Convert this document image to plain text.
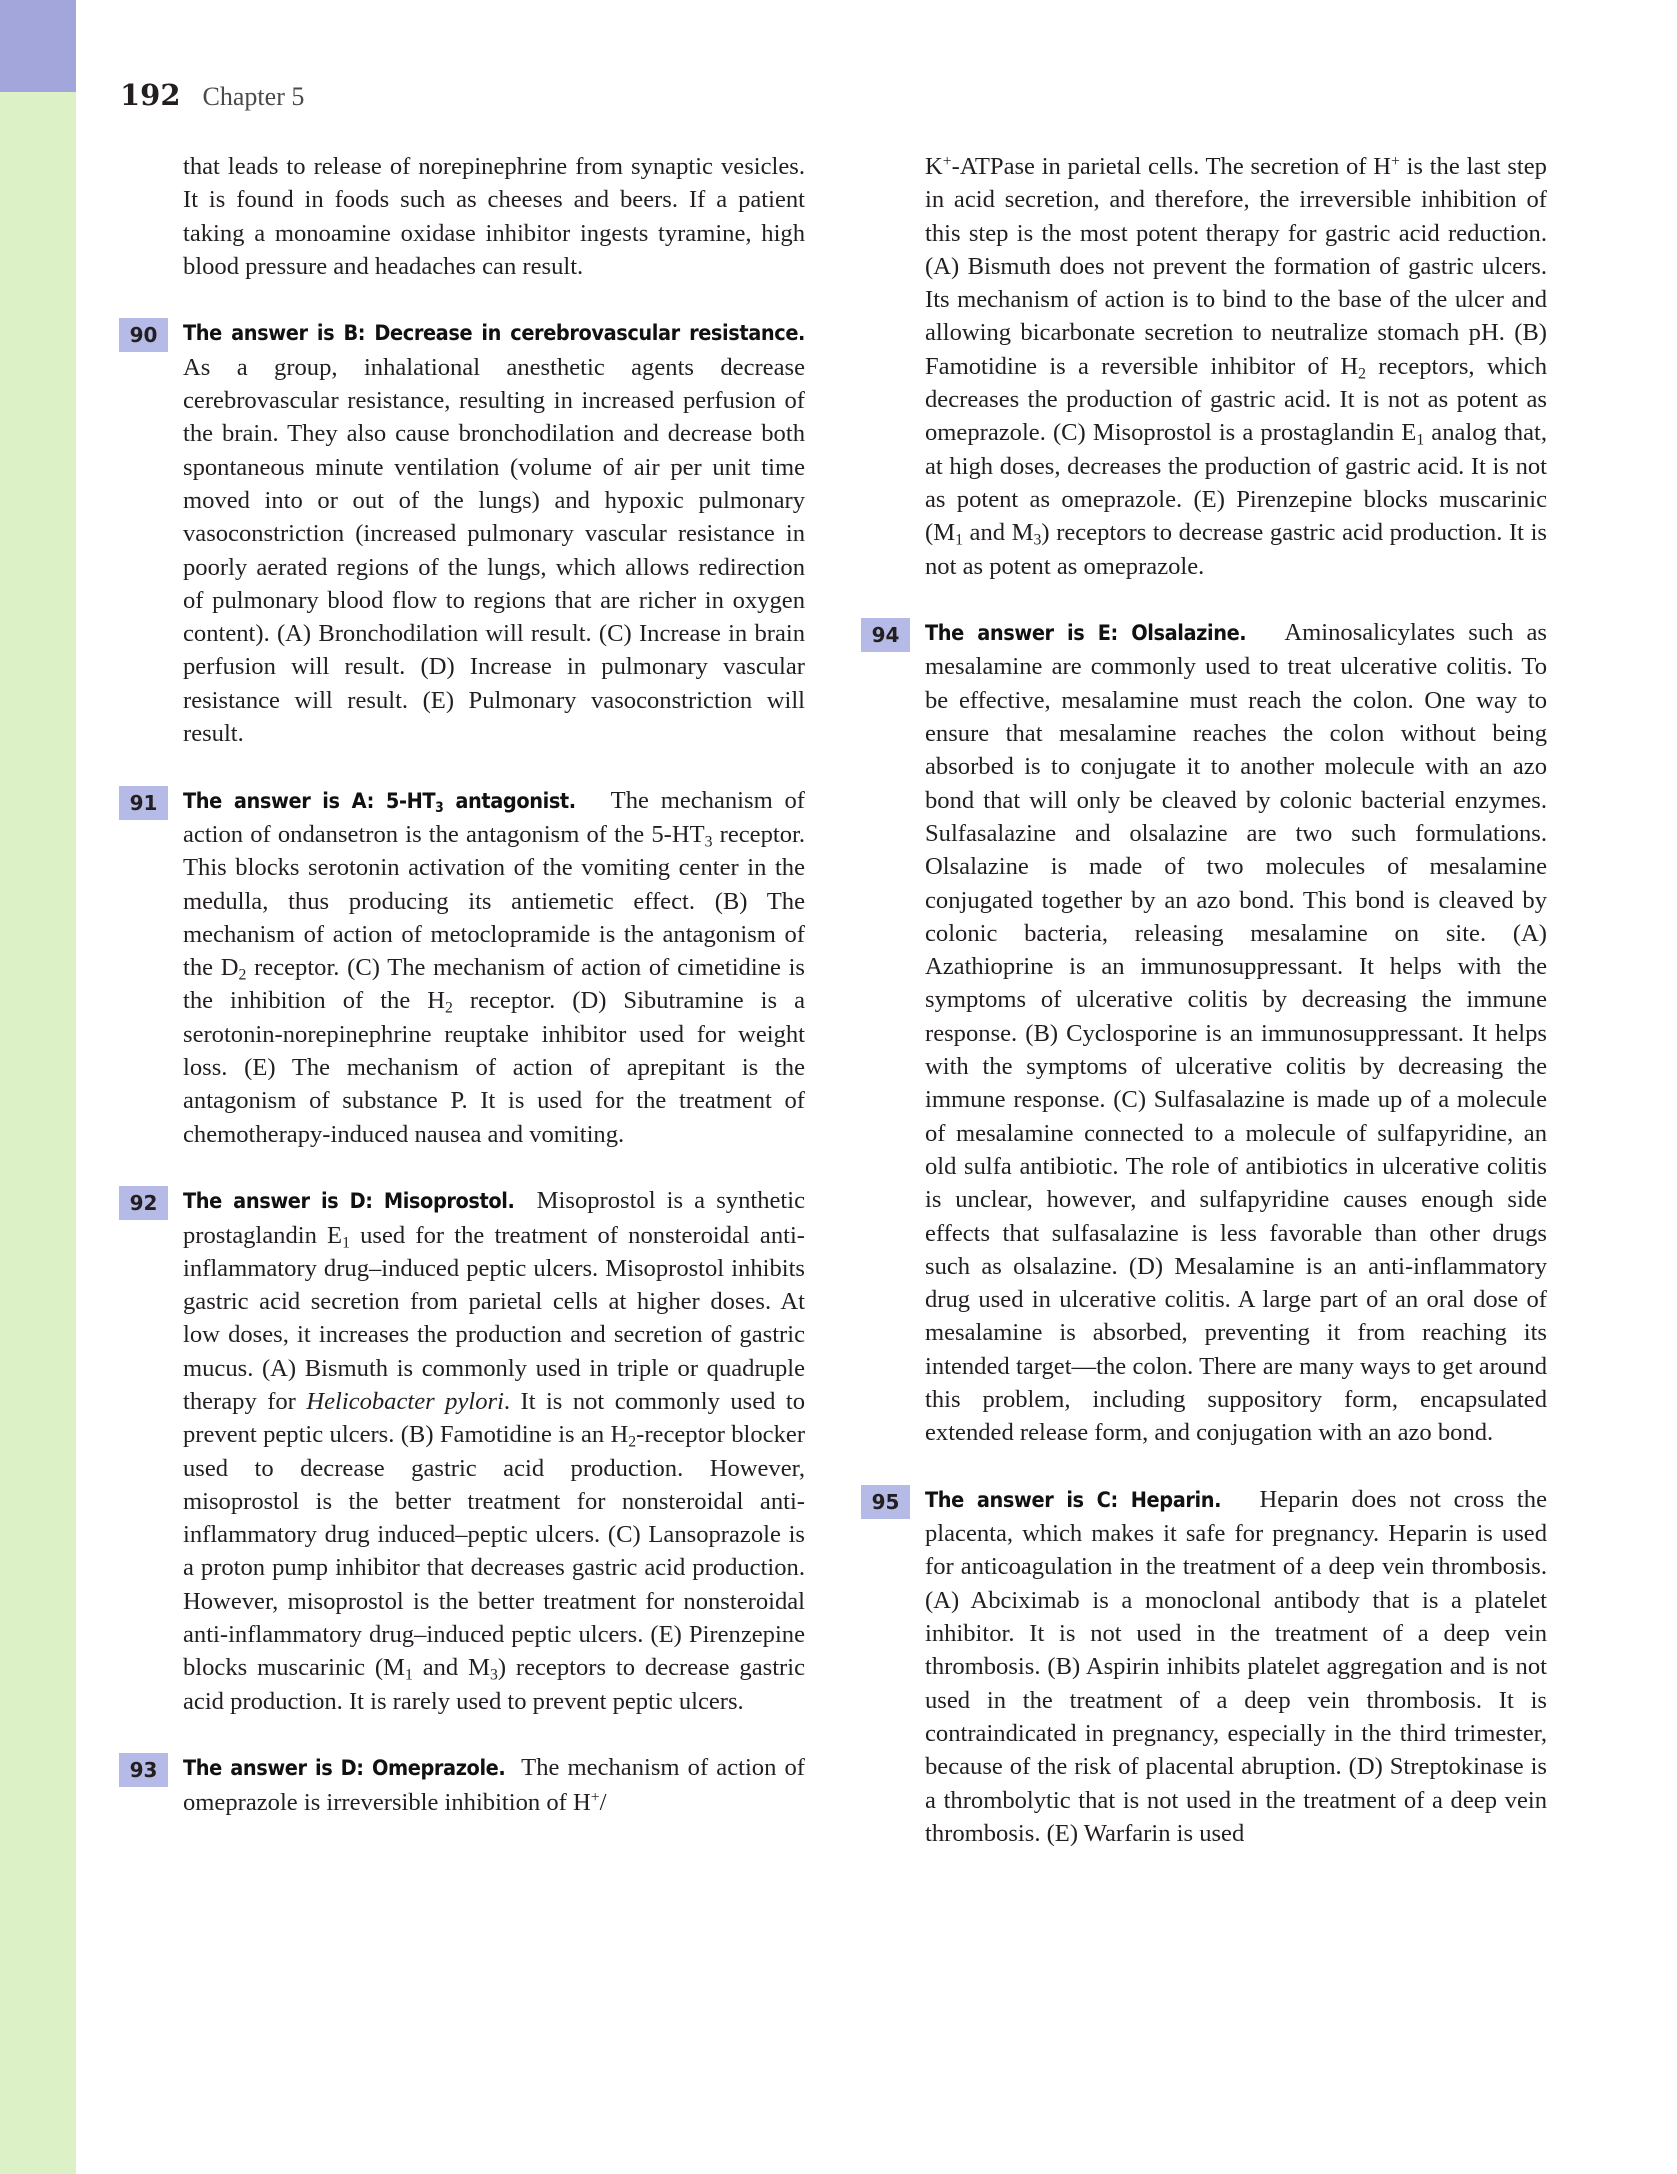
192 Chapter 5

that leads to release of norepinephrine from synaptic vesicles. It is found in foods such as cheeses and beers. If a patient taking a monoamine oxidase inhibitor ingests tyramine, high blood pressure and headaches can result.

90	The answer is B: Decrease in cerebrovascular resistance. As a group, inhalational anesthetic agents decrease cerebrovascular resistance, resulting in increased perfusion of the brain. They also cause bronchodilation and decrease both spontaneous minute ventilation (volume of air per unit time moved into or out of the lungs) and hypoxic pulmonary vasoconstriction (increased pulmonary vascular resistance in poorly aerated regions of the lungs, which allows redirection of pulmonary blood flow to regions that are richer in oxygen content). (A) Bronchodilation will result. (C) Increase in brain perfusion will result. (D) Increase in pulmonary vascular resistance will result. (E) Pulmonary vasoconstriction will result.

91	The answer is A: $5-HT_3$ antagonist. The mechanism of action of ondansetron is the antagonism of the $5-HT_3$ receptor. This blocks serotonin activation of the vomiting center in the medulla, thus producing its antiemetic effect. (B) The mechanism of action of metoclopramide is the antagonism of the $D_2$ receptor. (C) The mechanism of action of cimetidine is the inhibition of the $H_2$ receptor. (D) Sibutramine is a serotonin-norepinephrine reuptake inhibitor used for weight loss. (E) The mechanism of action of aprepitant is the antagonism of substance P. It is used for the treatment of chemotherapy-induced nausea and vomiting.

92	The answer is D: Misoprostol. Misoprostol is a synthetic prostaglandin $E_1$ used for the treatment of nonsteroidal anti-inflammatory drug–induced peptic ulcers. Misoprostol inhibits gastric acid secretion from parietal cells at higher doses. At low doses, it increases the production and secretion of gastric mucus. (A) Bismuth is commonly used in triple or quadruple therapy for Helicobacter pylori. It is not commonly used to prevent peptic ulcers. (B) Famotidine is an $H_2$-receptor blocker used to decrease gastric acid production. However, misoprostol is the better treatment for nonsteroidal anti-inflammatory drug induced–peptic ulcers. (C) Lansoprazole is a proton pump inhibitor that decreases gastric acid production. However, misoprostol is the better treatment for nonsteroidal anti-inflammatory drug–induced peptic ulcers. (E) Pirenzepine blocks muscarinic ($M_1$ and $M_3$) receptors to decrease gastric acid production. It is rarely used to prevent peptic ulcers.

93	The answer is D: Omeprazole. The mechanism of action of omeprazole is irreversible inhibition of H+/

K+-ATPase in parietal cells. The secretion of H+ is the last step in acid secretion, and therefore, the irreversible inhibition of this step is the most potent therapy for gastric acid reduction. (A) Bismuth does not prevent the formation of gastric ulcers. Its mechanism of action is to bind to the base of the ulcer and allowing bicarbonate secretion to neutralize stomach pH. (B) Famotidine is a reversible inhibitor of $H_2$ receptors, which decreases the production of gastric acid. It is not as potent as omeprazole. (C) Misoprostol is a prostaglandin $E_1$ analog that, at high doses, decreases the production of gastric acid. It is not as potent as omeprazole. (E) Pirenzepine blocks muscarinic ($M_1$ and $M_3$) receptors to decrease gastric acid production. It is not as potent as omeprazole.

94	The answer is E: Olsalazine. Aminosalicylates such as mesalamine are commonly used to treat ulcerative colitis. To be effective, mesalamine must reach the colon. One way to ensure that mesalamine reaches the colon without being absorbed is to conjugate it to another molecule with an azo bond that will only be cleaved by colonic bacterial enzymes. Sulfasalazine and olsalazine are two such formulations. Olsalazine is made of two molecules of mesalamine conjugated together by an azo bond. This bond is cleaved by colonic bacteria, releasing mesalamine on site. (A) Azathioprine is an immunosuppressant. It helps with the symptoms of ulcerative colitis by decreasing the immune response. (B) Cyclosporine is an immunosuppressant. It helps with the symptoms of ulcerative colitis by decreasing the immune response. (C) Sulfasalazine is made up of a molecule of mesalamine connected to a molecule of sulfapyridine, an old sulfa antibiotic. The role of antibiotics in ulcerative colitis is unclear, however, and sulfapyridine causes enough side effects that sulfasalazine is less favorable than other drugs such as olsalazine. (D) Mesalamine is an anti-inflammatory drug used in ulcerative colitis. A large part of an oral dose of mesalamine is absorbed, preventing it from reaching its intended target—the colon. There are many ways to get around this problem, including suppository form, encapsulated extended release form, and conjugation with an azo bond.

95	The answer is C: Heparin. Heparin does not cross the placenta, which makes it safe for pregnancy. Heparin is used for anticoagulation in the treatment of a deep vein thrombosis. (A) Abciximab is a monoclonal antibody that is a platelet inhibitor. It is not used in the treatment of a deep vein thrombosis. (B) Aspirin inhibits platelet aggregation and is not used in the treatment of a deep vein thrombosis. It is contraindicated in pregnancy, especially in the third trimester, because of the risk of placental abruption. (D) Streptokinase is a thrombolytic that is not used in the treatment of a deep vein thrombosis. (E) Warfarin is used
